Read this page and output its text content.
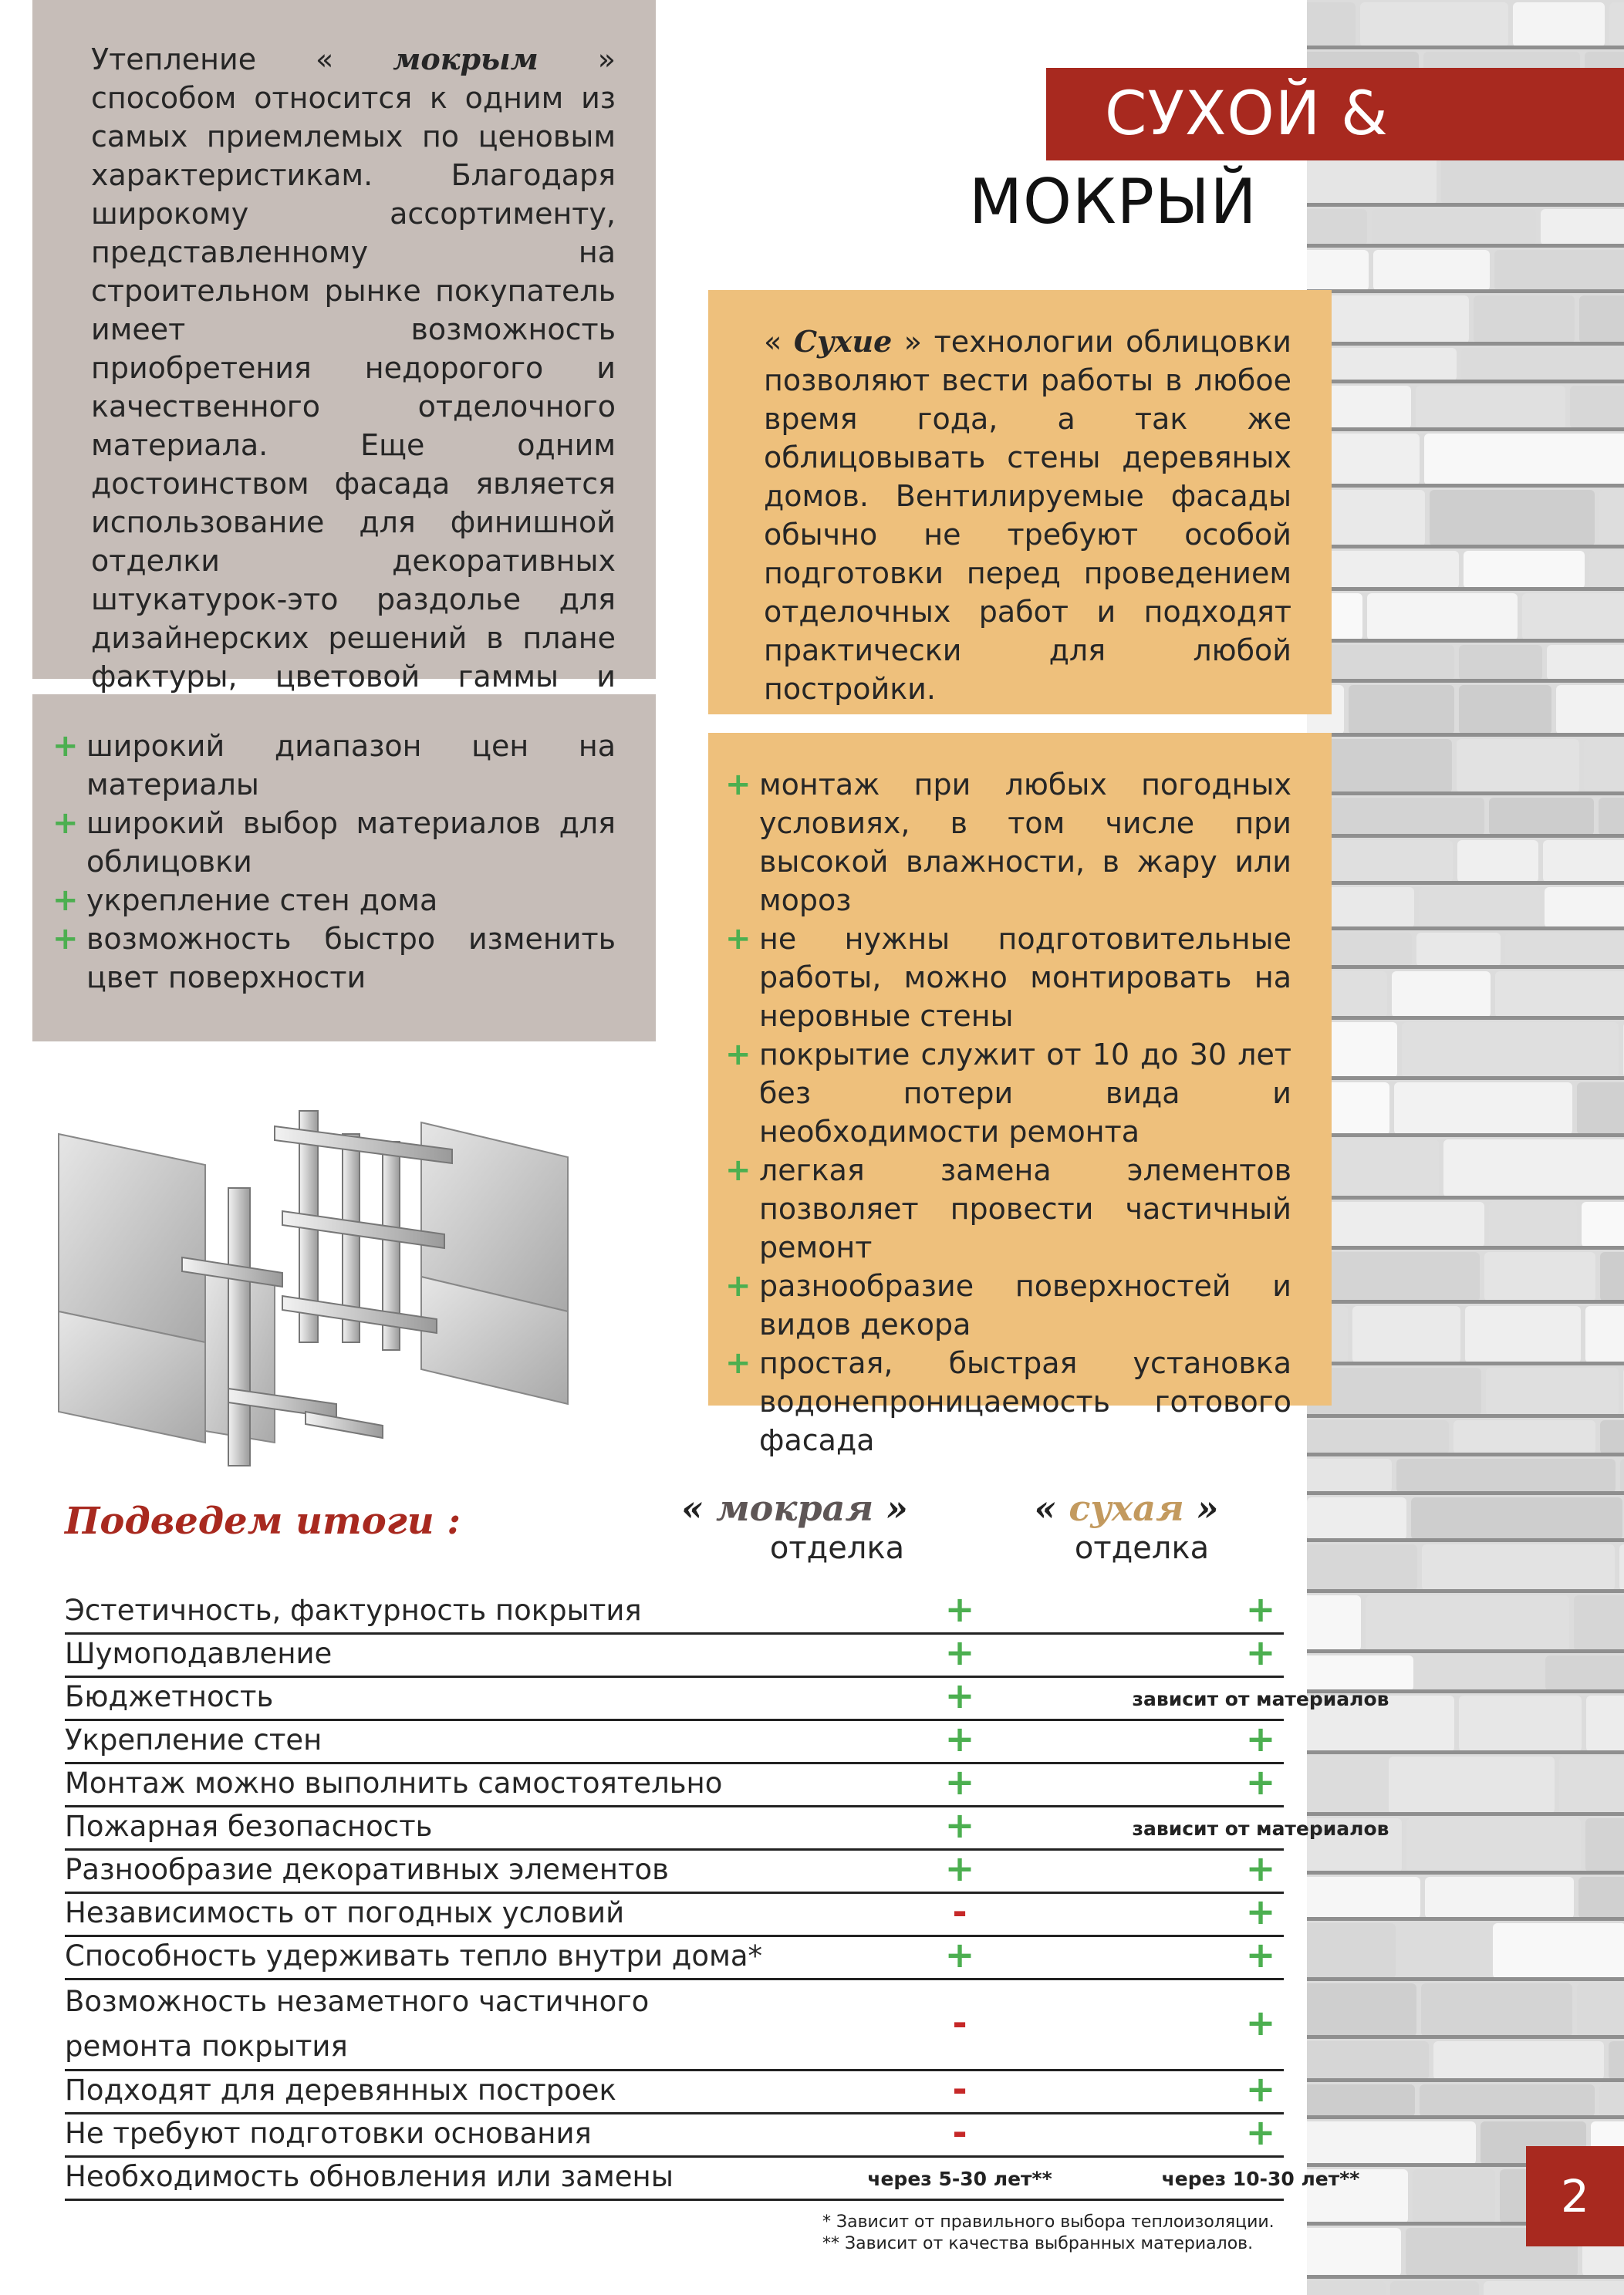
СУХОЙ &
МОКРЫЙ

Утепление « мокрым » способом относится к одним из самых приемлемых по ценовым характеристикам. Благодаря широкому ассортименту, представленному на строительном рынке покупатель имеет возможность приобретения недорогого и качественного отделочного материала. Еще одним достоинством фасада является использование для финишной отделки декоративных штукатурок-это раздолье для дизайнерских решений в плане фактуры, цветовой гаммы и

+ широкий диапазон цен на материалы
+ широкий выбор материалов для облицовки
+ укрепление стен дома
+ возможность быстро изменить цвет поверхности

« Сухие » технологии облицовки позволяют вести работы в любое время года, а так же облицовывать стены деревяных домов. Вентилируемые фасады обычно не требуют особой подготовки перед проведением отделочных работ и подходят практически для любой постройки.

+ монтаж при любых погодных условиях, в том числе при высокой влажности, в жару или мороз
+ не нужны подготовительные работы, можно монтировать на неровные стены
+ покрытие служит от 10 до 30 лет без потери вида и необходимости ремонта
+ легкая замена элементов позволяет провести частичный ремонт
+ разнообразие поверхностей и видов декора
+ простая, быстрая установка водонепроницаемость готового фасада
Подведем итоги :	« мокрая »
отделка
« сухая »
отделка
Эстетичность, фактурность покрытия	+	+
Шумоподавление	+	+
Бюджетность	+	зависит от материалов
Укрепление стен	+	+
Монтаж можно выполнить самостоятельно	+	+
Пожарная безопасность	+	зависит от материалов
Разнообразие декоративных элементов	+	+
Независимость от погодных условий	-	+
Способность удерживать тепло внутри дома*	+	+
Возможность незаметного частичного ремонта покрытия
-	+
Подходят для деревянных построек	-	+
Не требуют подготовки основания	-	+
Необходимость обновления или замены	через 5-30 лет**	через 10-30 лет**
* Зависит от правильного выбора теплоизоляции.
** Зависит от качества выбранных материалов.
2
